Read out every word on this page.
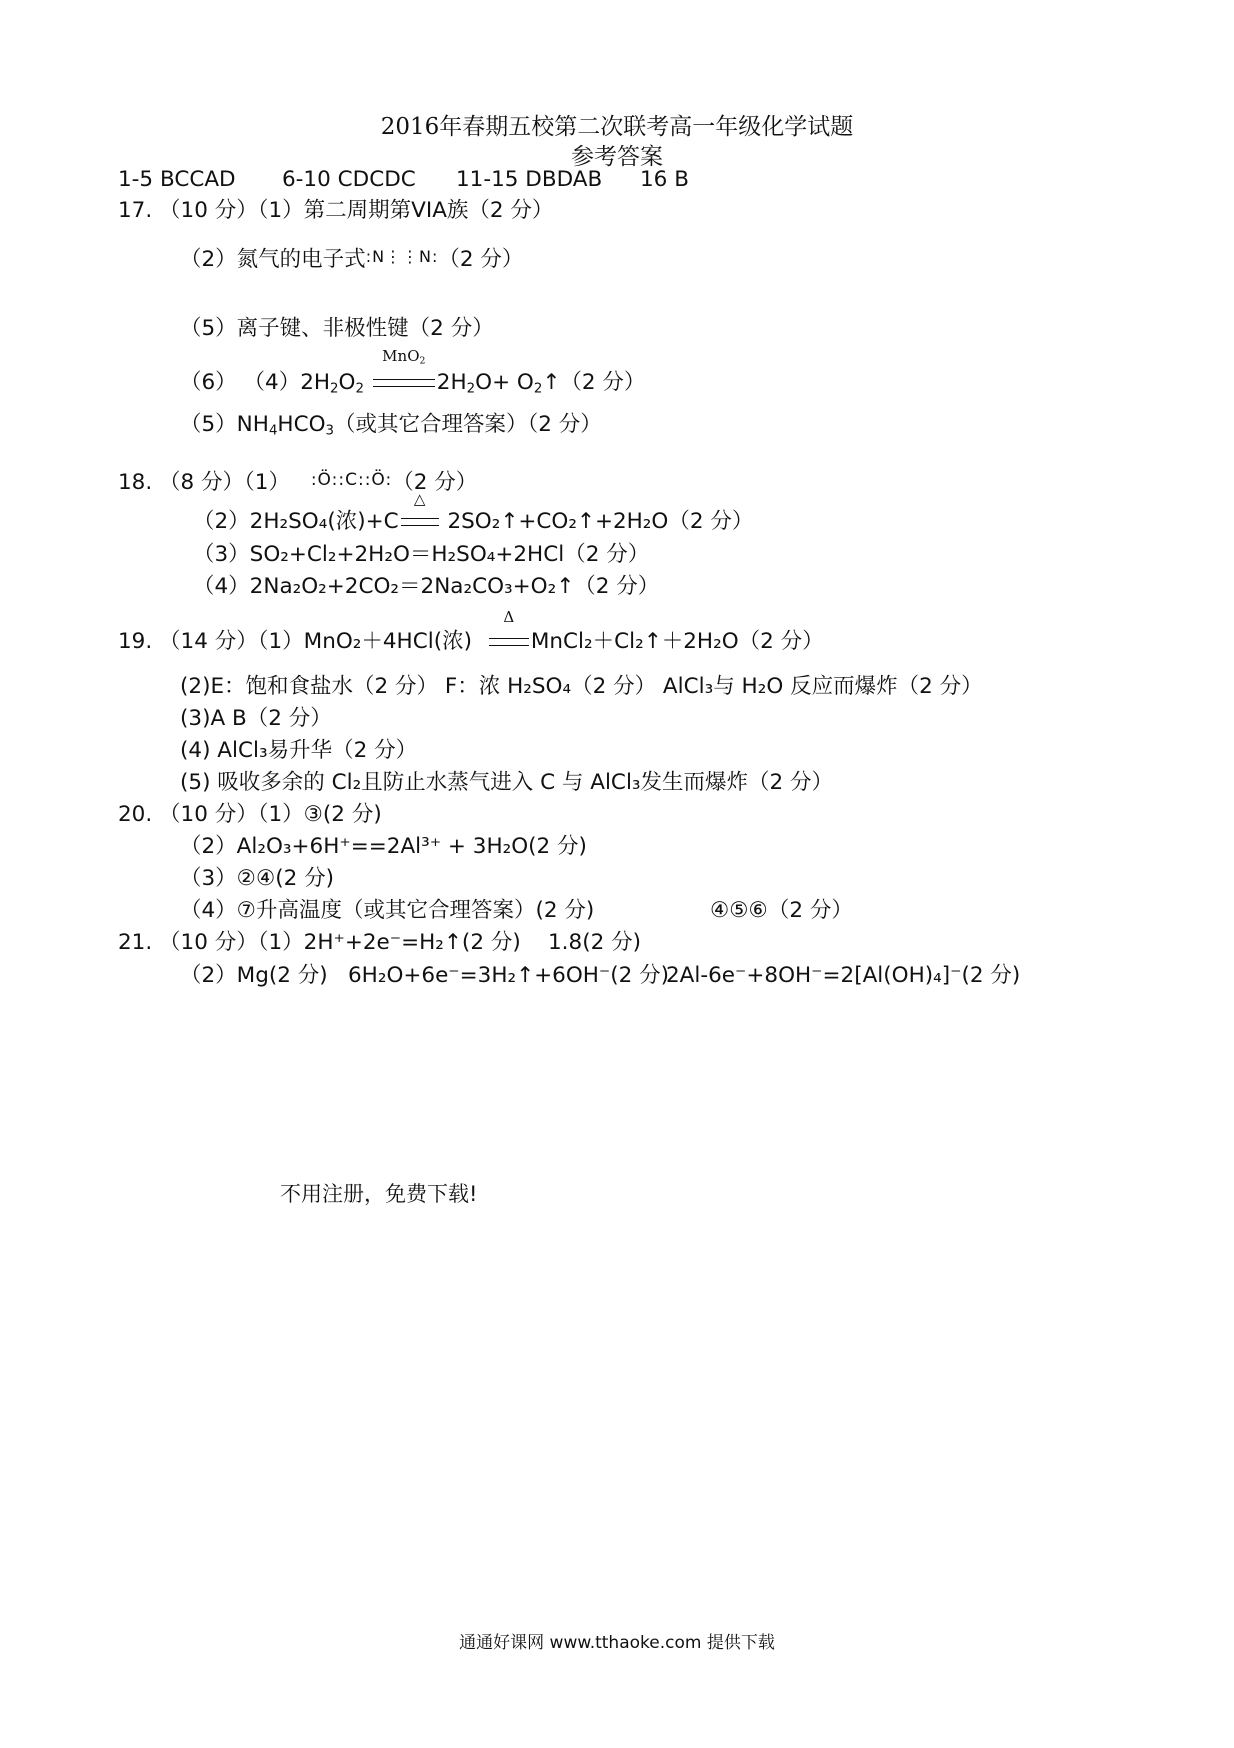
2016年春期五校第二次联考高一年级化学试题
参考答案
1-5 BCCAD 6-10 CDCDC 11-15 DBDAB 16 B
17. （10 分）（1）第二周期第VIA族（2 分）
（2）氮气的电子式:N⋮⋮N:（2 分）
（5）离子键、非极性键（2 分）
（6） $(4)2H_2O_2$
MnO$_2$
$2H_2O+$ $O_2↑(2$ 分）
$(5)NH_4HCO_3$（或其它合理答案）（2 分）
18. （8 分）（1） :Ö::C::Ö:（2 分）
（2）2H₂SO₄(浓)+C
△
2SO₂↑+CO₂↑+2H₂O（2 分）
（3）SO₂+Cl₂+2H₂O＝H₂SO₄+2HCl（2 分）
（4）2Na₂O₂+2CO₂＝2Na₂CO₃+O₂↑（2 分）
19. （14 分）（1）MnO₂＋4HCl(浓)
Δ
MnCl₂＋Cl₂↑＋2H₂O（2 分）
(2)E：饱和食盐水（2 分） F：浓 H₂SO₄（2 分） AlCl₃与 H₂O 反应而爆炸（2 分）
(3)A B（2 分）
(4) AlCl₃易升华（2 分）
(5) 吸收多余的 Cl₂且防止水蒸气进入 C 与 AlCl₃发生而爆炸（2 分）
20. （10 分）（1）③(2 分)
（2）Al₂O₃+6H⁺==2Al³⁺ + 3H₂O(2 分)
（3）②④(2 分)
（4）⑦升高温度（或其它合理答案）(2 分)	④⑤⑥（2 分）
21. （10 分）（1）2H⁺+2e⁻=H₂↑(2 分) 1.8(2 分)
（2）Mg(2 分) 6H₂O+6e⁻=3H₂↑+6OH⁻(2 分)
2Al-6e⁻+8OH⁻=2[Al(OH)₄]⁻(2 分)
不用注册，免费下载!
通通好课网 www.tthaoke.com 提供下载
